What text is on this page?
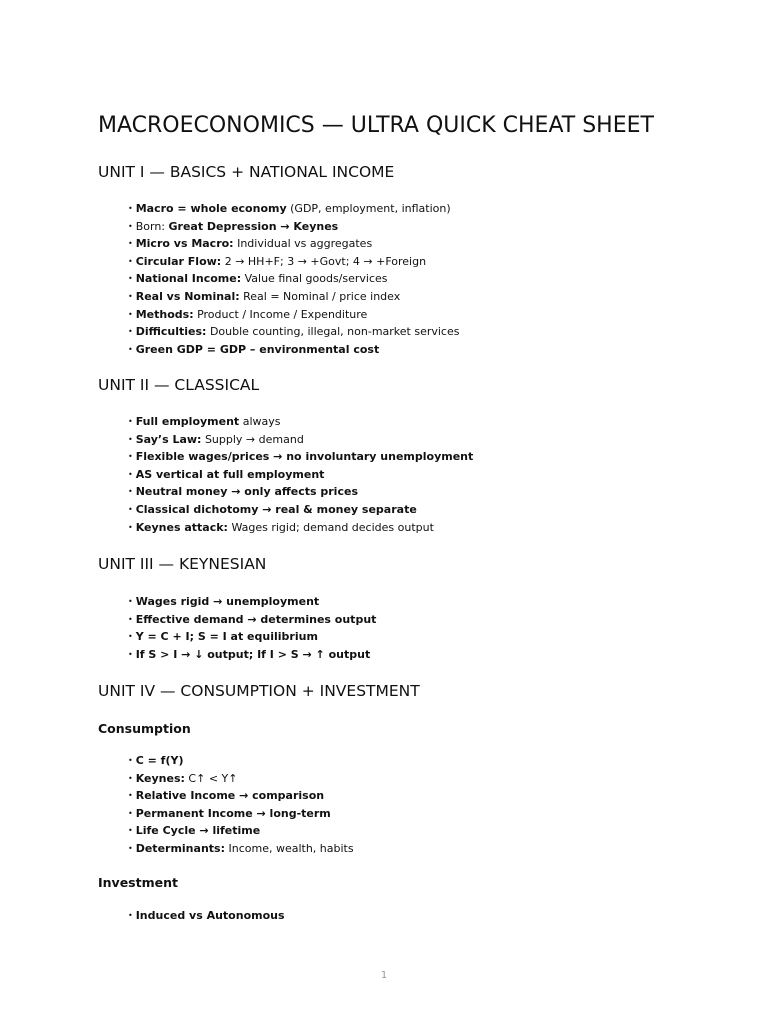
MACROECONOMICS — ULTRA QUICK CHEAT SHEET
UNIT I — BASICS + NATIONAL INCOME
• Macro = whole economy (GDP, employment, inflation)
• Born: Great Depression → Keynes
• Micro vs Macro: Individual vs aggregates
• Circular Flow: 2 → HH+F; 3 → +Govt; 4 → +Foreign
• National Income: Value final goods/services
• Real vs Nominal: Real = Nominal / price index
• Methods: Product / Income / Expenditure
• Difficulties: Double counting, illegal, non-market services
• Green GDP = GDP – environmental cost
UNIT II — CLASSICAL
• Full employment always
• Say’s Law: Supply → demand
• Flexible wages/prices → no involuntary unemployment
• AS vertical at full employment
• Neutral money → only affects prices
• Classical dichotomy → real & money separate
• Keynes attack: Wages rigid; demand decides output
UNIT III — KEYNESIAN
• Wages rigid → unemployment
• Effective demand → determines output
• Y = C + I; S = I at equilibrium
• If S > I → ↓ output; If I > S → ↑ output
UNIT IV — CONSUMPTION + INVESTMENT
Consumption
• C = f(Y)
• Keynes: C↑ < Y↑
• Relative Income → comparison
• Permanent Income → long-term
• Life Cycle → lifetime
• Determinants: Income, wealth, habits
Investment
• Induced vs Autonomous
1
